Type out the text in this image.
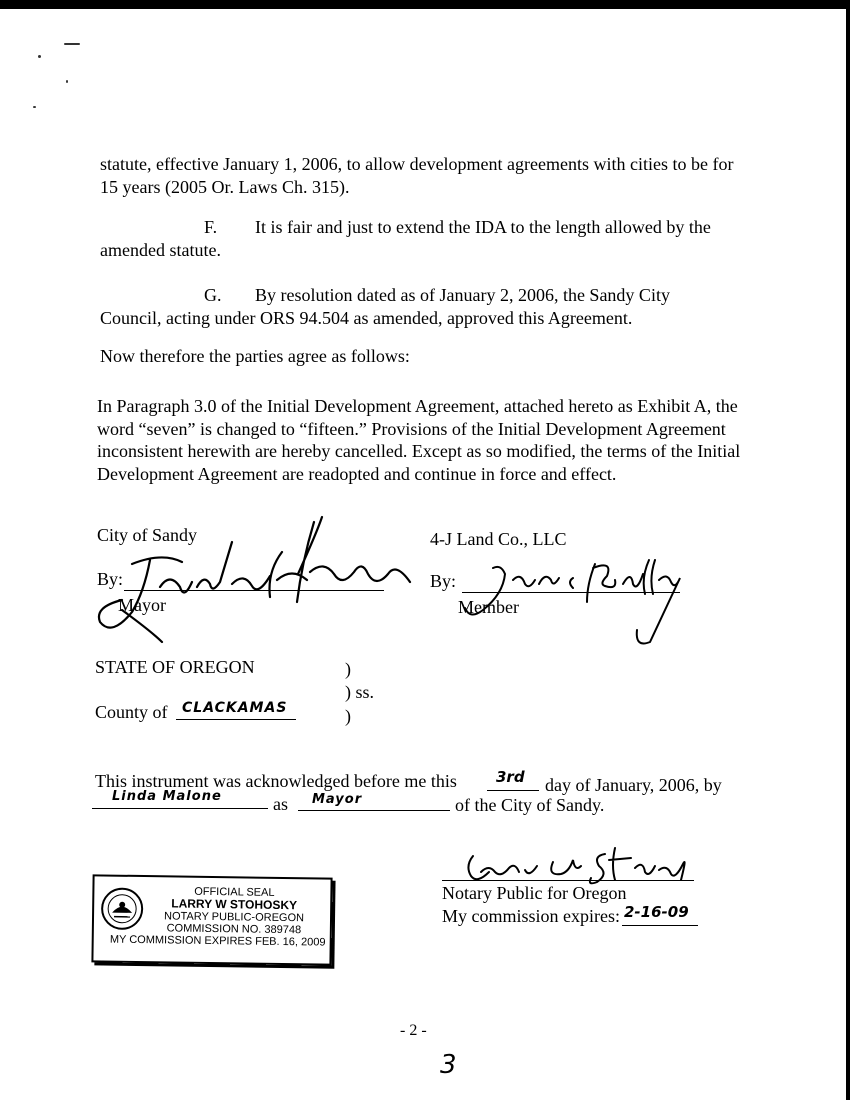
statute, effective January 1, 2006, to allow development agreements with cities to be for 15 years (2005 Or. Laws Ch. 315).
F.	It is fair and just to extend the IDA to the length allowed by the amended statute.
G.	By resolution dated as of January 2, 2006, the Sandy City Council, acting under ORS 94.504 as amended, approved this Agreement.
Now therefore the parties agree as follows:
In Paragraph 3.0 of the Initial Development Agreement, attached hereto as Exhibit A, the word “seven” is changed to “fifteen.” Provisions of the Initial Development Agreement inconsistent herewith are hereby cancelled. Except as so modified, the terms of the Initial Development Agreement are readopted and continue in force and effect.
City of Sandy
By:
Mayor
4-J Land Co., LLC
By:
Member
STATE OF OREGON	)
) ss.
County of CLACKAMAS	)
This instrument was acknowledged before me this	3rd day of January, 2006, by
Linda Malone	as Mayor	of the City of Sandy.
Notary Public for Oregon
My commission expires: 2-16-09
OFFICIAL SEAL
LARRY W STOHOSKY
NOTARY PUBLIC-OREGON
COMMISSION NO. 389748
MY COMMISSION EXPIRES FEB. 16, 2009
- 2 -
3
